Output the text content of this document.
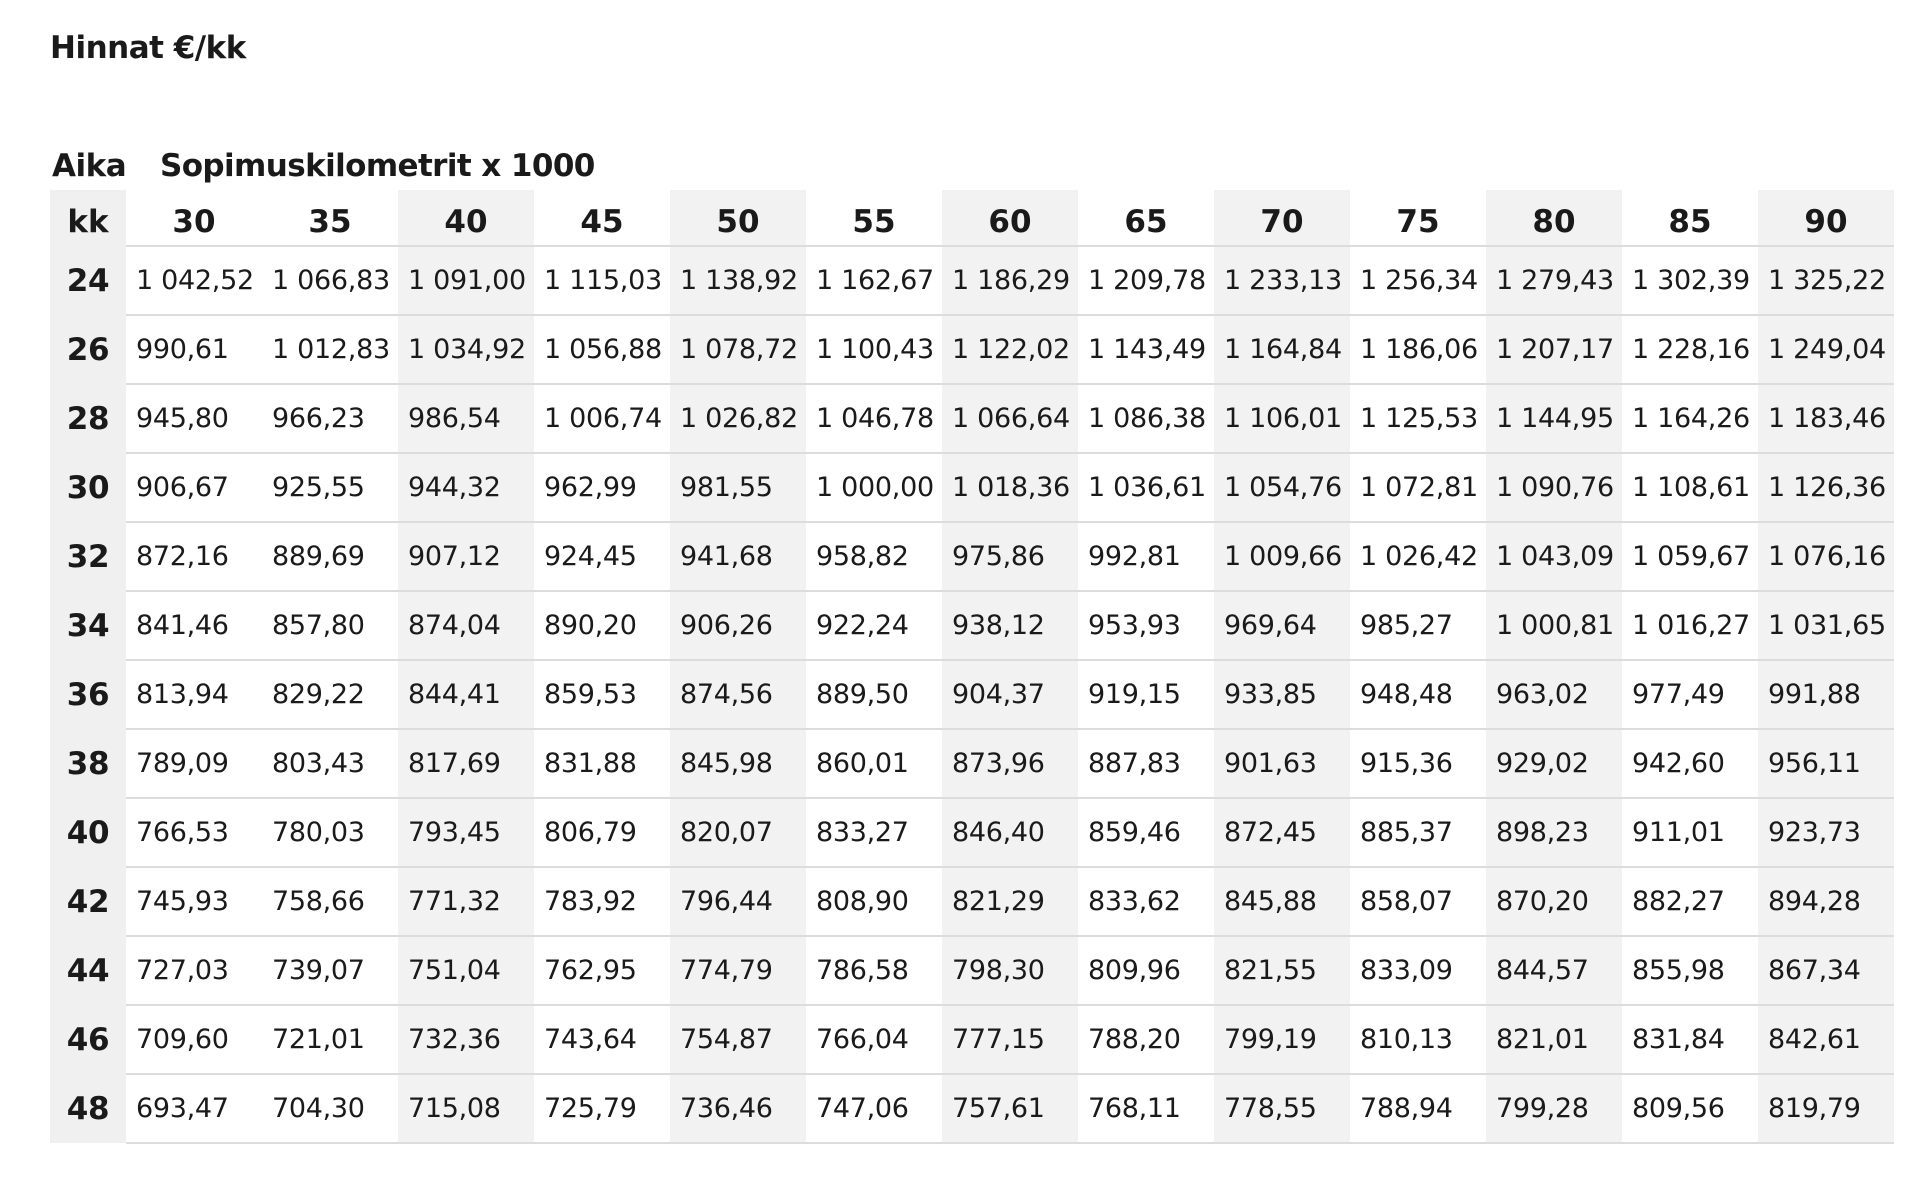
Hinnat €/kk
Aika	Sopimuskilometrit x 1000
kk	30	35	40	45	50	55	60	65	70	75	80	85	90
24	1 042,52	1 066,83	1 091,00	1 115,03	1 138,92	1 162,67	1 186,29	1 209,78	1 233,13	1 256,34	1 279,43	1 302,39	1 325,22
26	990,61	1 012,83	1 034,92	1 056,88	1 078,72	1 100,43	1 122,02	1 143,49	1 164,84	1 186,06	1 207,17	1 228,16	1 249,04
28	945,80	966,23	986,54	1 006,74	1 026,82	1 046,78	1 066,64	1 086,38	1 106,01	1 125,53	1 144,95	1 164,26	1 183,46
30	906,67	925,55	944,32	962,99	981,55	1 000,00	1 018,36	1 036,61	1 054,76	1 072,81	1 090,76	1 108,61	1 126,36
32	872,16	889,69	907,12	924,45	941,68	958,82	975,86	992,81	1 009,66	1 026,42	1 043,09	1 059,67	1 076,16
34	841,46	857,80	874,04	890,20	906,26	922,24	938,12	953,93	969,64	985,27	1 000,81	1 016,27	1 031,65
36	813,94	829,22	844,41	859,53	874,56	889,50	904,37	919,15	933,85	948,48	963,02	977,49	991,88
38	789,09	803,43	817,69	831,88	845,98	860,01	873,96	887,83	901,63	915,36	929,02	942,60	956,11
40	766,53	780,03	793,45	806,79	820,07	833,27	846,40	859,46	872,45	885,37	898,23	911,01	923,73
42	745,93	758,66	771,32	783,92	796,44	808,90	821,29	833,62	845,88	858,07	870,20	882,27	894,28
44	727,03	739,07	751,04	762,95	774,79	786,58	798,30	809,96	821,55	833,09	844,57	855,98	867,34
46	709,60	721,01	732,36	743,64	754,87	766,04	777,15	788,20	799,19	810,13	821,01	831,84	842,61
48	693,47	704,30	715,08	725,79	736,46	747,06	757,61	768,11	778,55	788,94	799,28	809,56	819,79
